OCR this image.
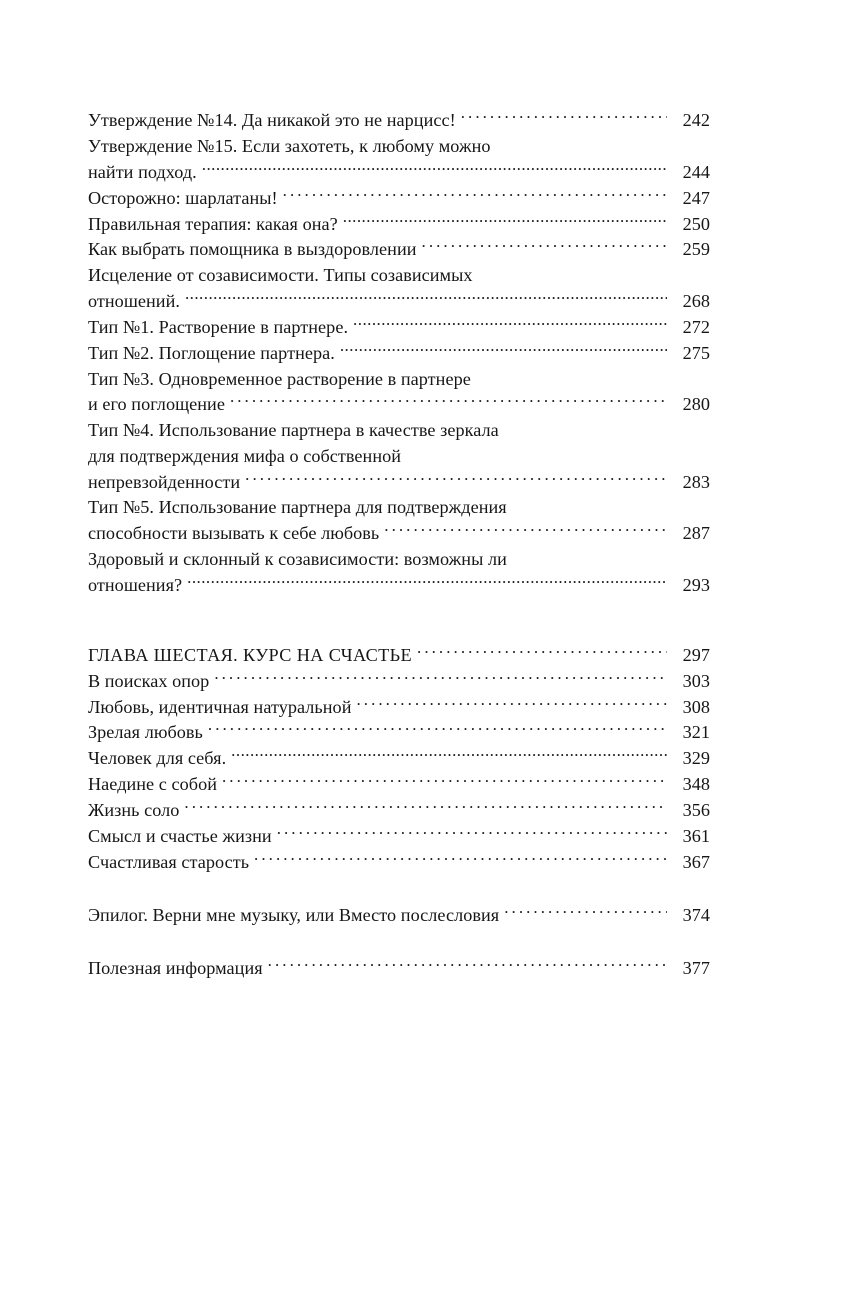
Утверждение №14. Да никакой это не нарцисс! . . .	242
Утверждение №15. Если захотеть, к любому можно
найти подход. . . .	244
Осторожно: шарлатаны! . . .	247
Правильная терапия: какая она? . . .	250
Как выбрать помощника в выздоровлении . . .	259
Исцеление от созависимости. Типы созависимых
отношений. . . .	268
Тип №1. Растворение в партнере. . . .	272
Тип №2. Поглощение партнера. . . .	275
Тип №3. Одновременное растворение в партнере
и его поглощение . . .	280
Тип №4. Использование партнера в качестве зеркала
для подтверждения мифа о собственной
непревзойденности . . .	283
Тип №5. Использование партнера для подтверждения
способности вызывать к себе любовь . . .	287
Здоровый и склонный к созависимости: возможны ли
отношения? . . .	293
ГЛАВА ШЕСТАЯ. КУРС НА СЧАСТЬЕ . . .	297
В поисках опор . . .	303
Любовь, идентичная натуральной . . .	308
Зрелая любовь . . .	321
Человек для себя. . . .	329
Наедине с собой . . .	348
Жизнь соло . . .	356
Смысл и счастье жизни . . .	361
Счастливая старость . . .	367
Эпилог. Верни мне музыку, или Вместо послесловия . . .	374
Полезная информация . . .	377
